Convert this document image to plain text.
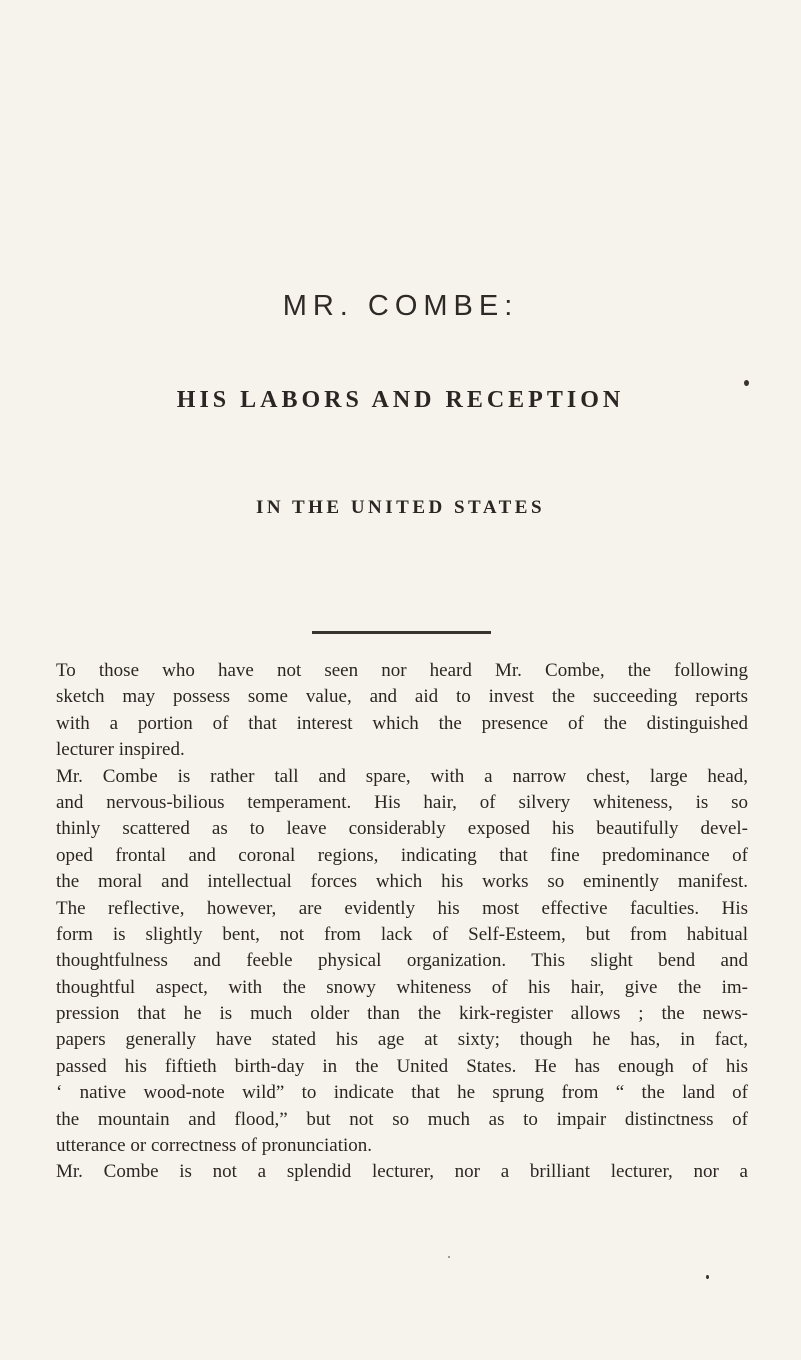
MR. COMBE:
HIS LABORS AND RECEPTION
IN THE UNITED STATES
To those who have not seen nor heard Mr. Combe, the following
sketch may possess some value, and aid to invest the succeeding reports
with a portion of that interest which the presence of the distinguished
lecturer inspired.
Mr. Combe is rather tall and spare, with a narrow chest, large head,
and nervous-bilious temperament. His hair, of silvery whiteness, is so
thinly scattered as to leave considerably exposed his beautifully devel-
oped frontal and coronal regions, indicating that fine predominance of
the moral and intellectual forces which his works so eminently manifest.
The reflective, however, are evidently his most effective faculties. His
form is slightly bent, not from lack of Self-Esteem, but from habitual
thoughtfulness and feeble physical organization. This slight bend and
thoughtful aspect, with the snowy whiteness of his hair, give the im-
pression that he is much older than the kirk-register allows ; the news-
papers generally have stated his age at sixty; though he has, in fact,
passed his fiftieth birth-day in the United States. He has enough of his
‘ native wood-note wild” to indicate that he sprung from “ the land of
the mountain and flood,” but not so much as to impair distinctness of
utterance or correctness of pronunciation.
Mr. Combe is not a splendid lecturer, nor a brilliant lecturer, nor a
